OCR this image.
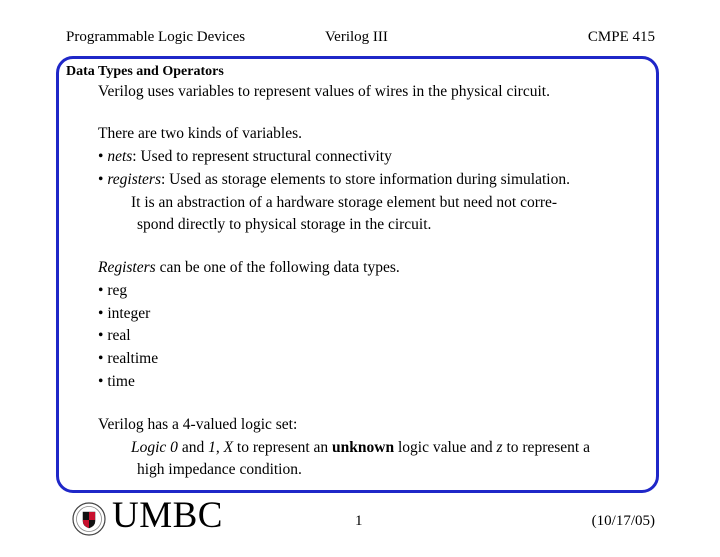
Programmable Logic Devices	Verilog III	CMPE 415
Data Types and Operators
Verilog uses variables to represent values of wires in the physical circuit.
There are two kinds of variables.
• nets: Used to represent structural connectivity
• registers: Used as storage elements to store information during simulation.
It is an abstraction of a hardware storage element but need not corre-
spond directly to physical storage in the circuit.
Registers can be one of the following data types.
• reg
• integer
• real
• realtime
• time
Verilog has a 4-valued logic set:
Logic 0 and 1, X to represent an unknown logic value and z to represent a
high impedance condition.
UMBC	1	(10/17/05)
